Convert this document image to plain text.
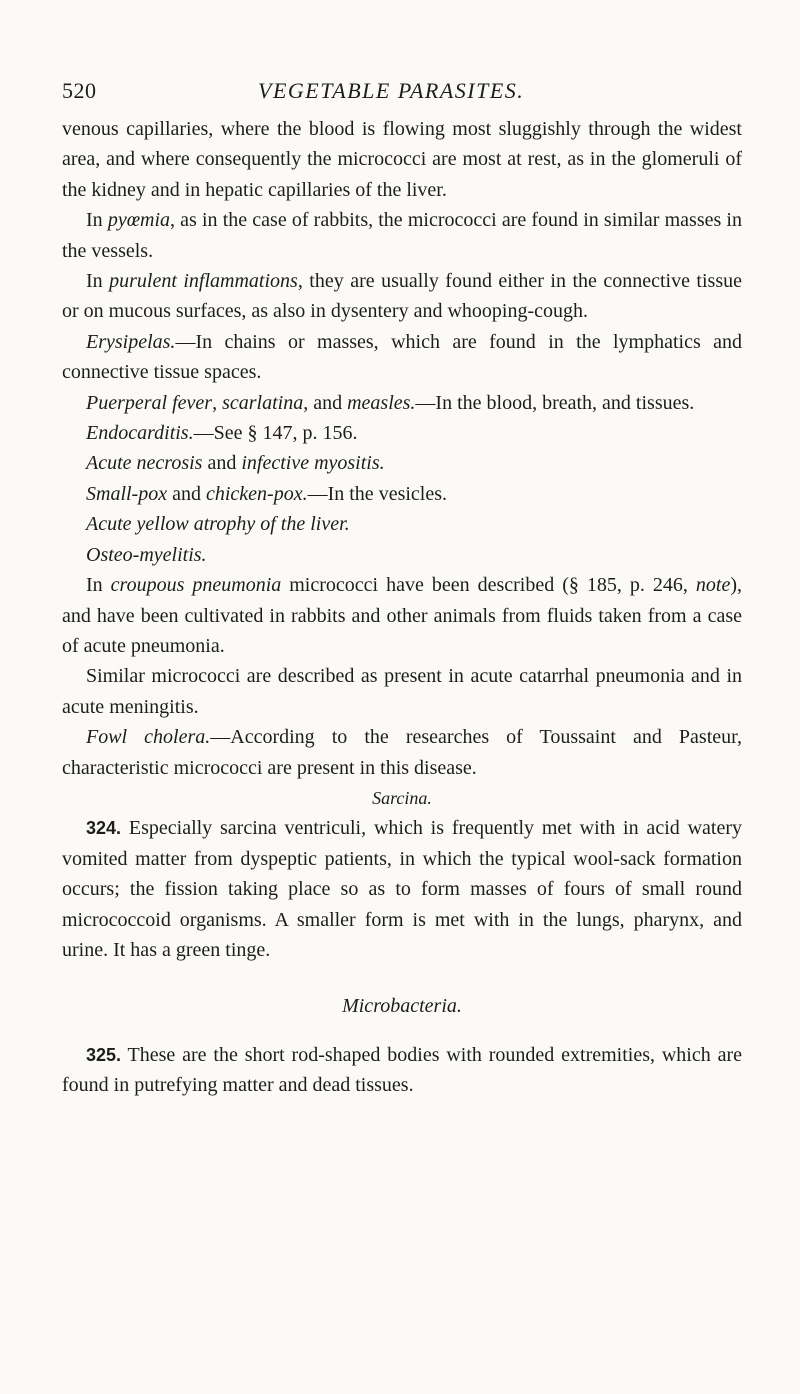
520	VEGETABLE PARASITES.

venous capillaries, where the blood is flowing most sluggishly through the widest area, and where consequently the micrococci are most at rest, as in the glomeruli of the kidney and in hepatic capillaries of the liver.

In pyœmia, as in the case of rabbits, the micrococci are found in similar masses in the vessels.

In purulent inflammations, they are usually found either in the connective tissue or on mucous surfaces, as also in dysentery and whooping-cough.

Erysipelas.—In chains or masses, which are found in the lymphatics and connective tissue spaces.

Puerperal fever, scarlatina, and measles.—In the blood, breath, and tissues.

Endocarditis.—See § 147, p. 156.

Acute necrosis and infective myositis.

Small-pox and chicken-pox.—In the vesicles.

Acute yellow atrophy of the liver.

Osteo-myelitis.

In croupous pneumonia micrococci have been described (§ 185, p. 246, note), and have been cultivated in rabbits and other animals from fluids taken from a case of acute pneumonia.

Similar micrococci are described as present in acute catarrhal pneumonia and in acute meningitis.

Fowl cholera.—According to the researches of Toussaint and Pasteur, characteristic micrococci are present in this disease.

Sarcina.

324. Especially sarcina ventriculi, which is frequently met with in acid watery vomited matter from dyspeptic patients, in which the typical wool-sack formation occurs; the fission taking place so as to form masses of fours of small round micrococcoid organisms. A smaller form is met with in the lungs, pharynx, and urine. It has a green tinge.

Microbacteria.

325. These are the short rod-shaped bodies with rounded extremities, which are found in putrefying matter and dead tissues.
